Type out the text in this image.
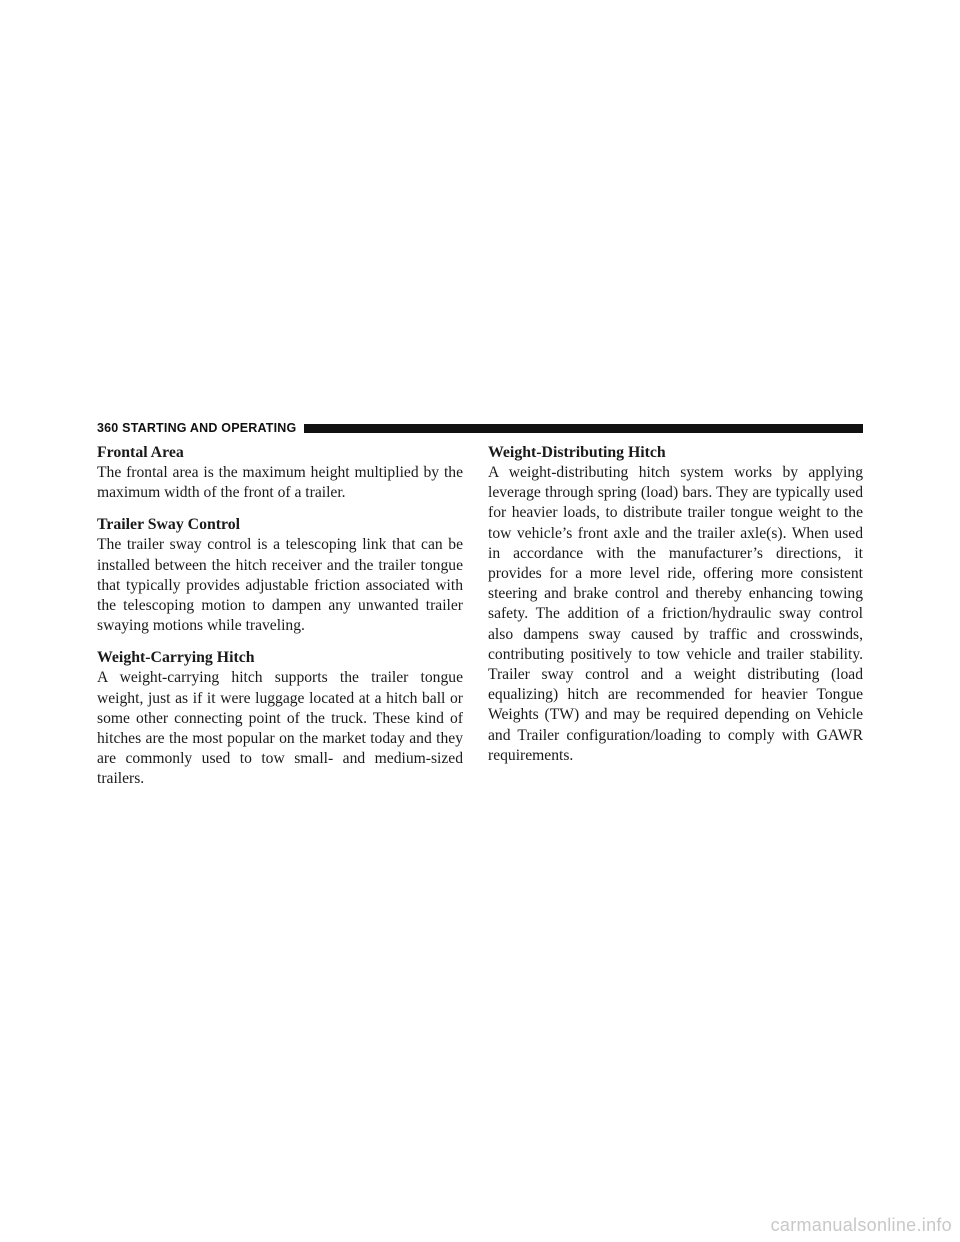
360 STARTING AND OPERATING
Frontal Area

The frontal area is the maximum height multiplied by the maximum width of the front of a trailer.

Trailer Sway Control

The trailer sway control is a telescoping link that can be installed between the hitch receiver and the trailer tongue that typically provides adjustable friction associated with the telescoping motion to dampen any unwanted trailer swaying motions while traveling.

Weight-Carrying Hitch

A weight-carrying hitch supports the trailer tongue weight, just as if it were luggage located at a hitch ball or some other connecting point of the truck. These kind of hitches are the most popular on the market today and they are commonly used to tow small- and medium-sized trailers.

Weight-Distributing Hitch

A weight-distributing hitch system works by applying leverage through spring (load) bars. They are typically used for heavier loads, to distribute trailer tongue weight to the tow vehicle’s front axle and the trailer axle(s). When used in accordance with the manufacturer’s directions, it provides for a more level ride, offering more consistent steering and brake control and thereby enhancing towing safety. The addition of a friction/hydraulic sway control also dampens sway caused by traffic and crosswinds, contributing positively to tow vehicle and trailer stability. Trailer sway control and a weight distributing (load equalizing) hitch are recommended for heavier Tongue Weights (TW) and may be required depending on Vehicle and Trailer configuration/loading to comply with GAWR requirements.

carmanualsonline.info
